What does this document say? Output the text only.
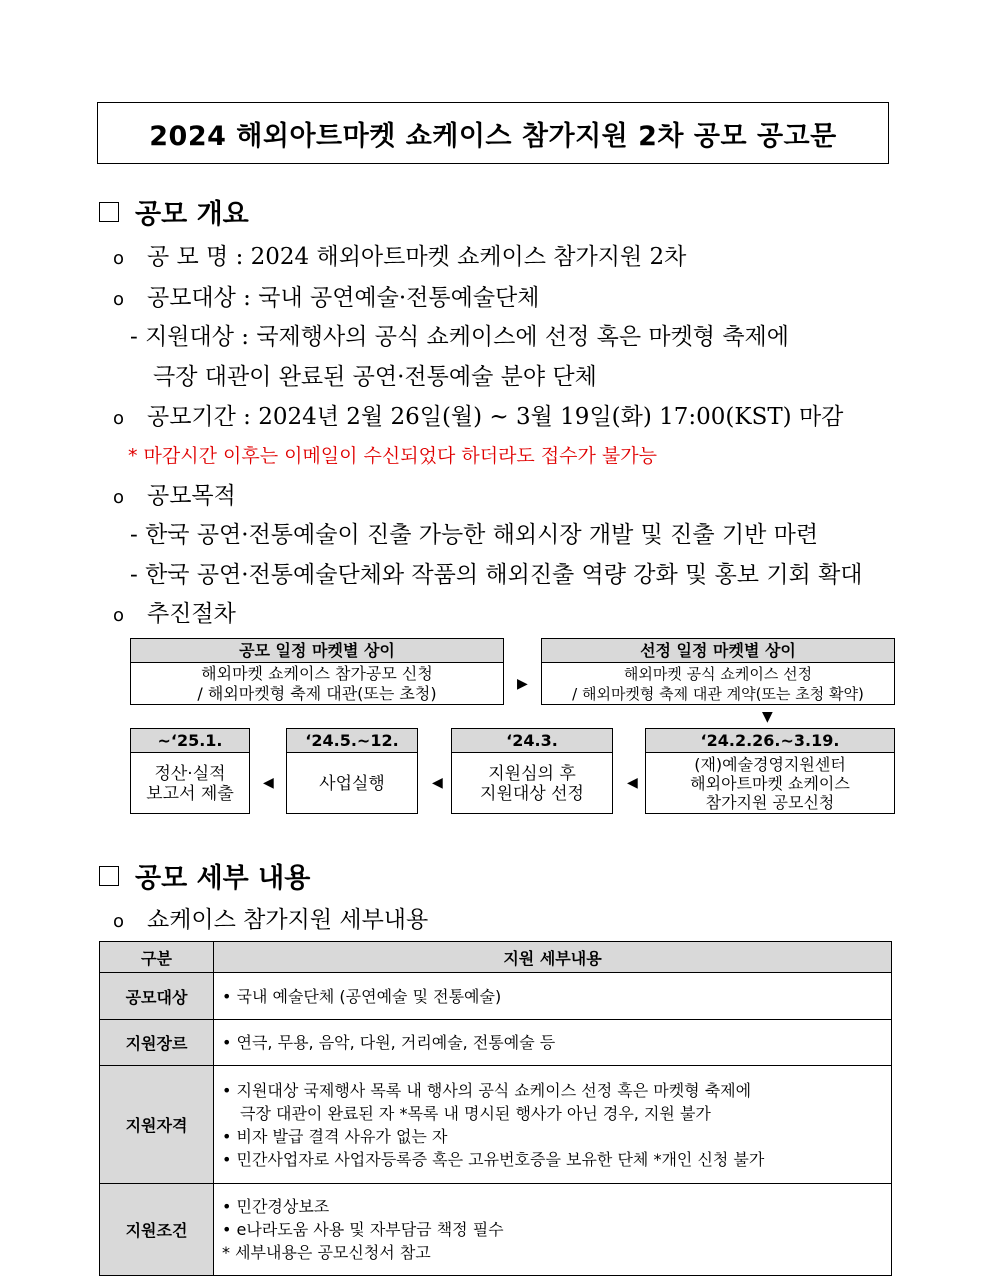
2024 해외아트마켓 쇼케이스 참가지원 2차 공모 공고문
공모 개요
o 공 모 명 : 2024 해외아트마켓 쇼케이스 참가지원 2차
o 공모대상 : 국내 공연예술·전통예술단체
- 지원대상 : 국제행사의 공식 쇼케이스에 선정 혹은 마켓형 축제에
극장 대관이 완료된 공연·전통예술 분야 단체
o 공모기간 : 2024년 2월 26일(월) ~ 3월 19일(화) 17:00(KST) 마감
* 마감시간 이후는 이메일이 수신되었다 하더라도 접수가 불가능
o 공모목적
- 한국 공연·전통예술이 진출 가능한 해외시장 개발 및 진출 기반 마련
- 한국 공연·전통예술단체와 작품의 해외진출 역량 강화 및 홍보 기회 확대
o 추진절차
공모 일정 마켓별 상이
해외마켓 쇼케이스 참가공모 신청
/ 해외마켓형 축제 대관(또는 초청)	▶
선정 일정 마켓별 상이
해외마켓 공식 쇼케이스 선정
/ 해외마켓형 축제 대관 계약(또는 초청 확약)
▼
~‘25.1.
정산·실적
보고서 제출
◀
‘24.5.~12.
사업실행	◀
‘24.3.
지원심의 후
지원대상 선정
◀
‘24.2.26.~3.19.
(재)예술경영지원센터
해외아트마켓 쇼케이스
참가지원 공모신청
공모 세부 내용
o 쇼케이스 참가지원 세부내용
구분	지원 세부내용
공모대상	• 국내 예술단체 (공연예술 및 전통예술)

지원장르	• 연극, 무용, 음악, 다원, 거리예술, 전통예술 등

지원자격	• 지원대상 국제행사 목록 내 행사의 공식 쇼케이스 선정 혹은 마켓형 축제에
극장 대관이 완료된 자 *목록 내 명시된 행사가 아닌 경우, 지원 불가
• 비자 발급 결격 사유가 없는 자
• 민간사업자로 사업자등록증 혹은 고유번호증을 보유한 단체 *개인 신청 불가

지원조건	• 민간경상보조
• e나라도움 사용 및 자부담금 책정 필수
* 세부내용은 공모신청서 참고
